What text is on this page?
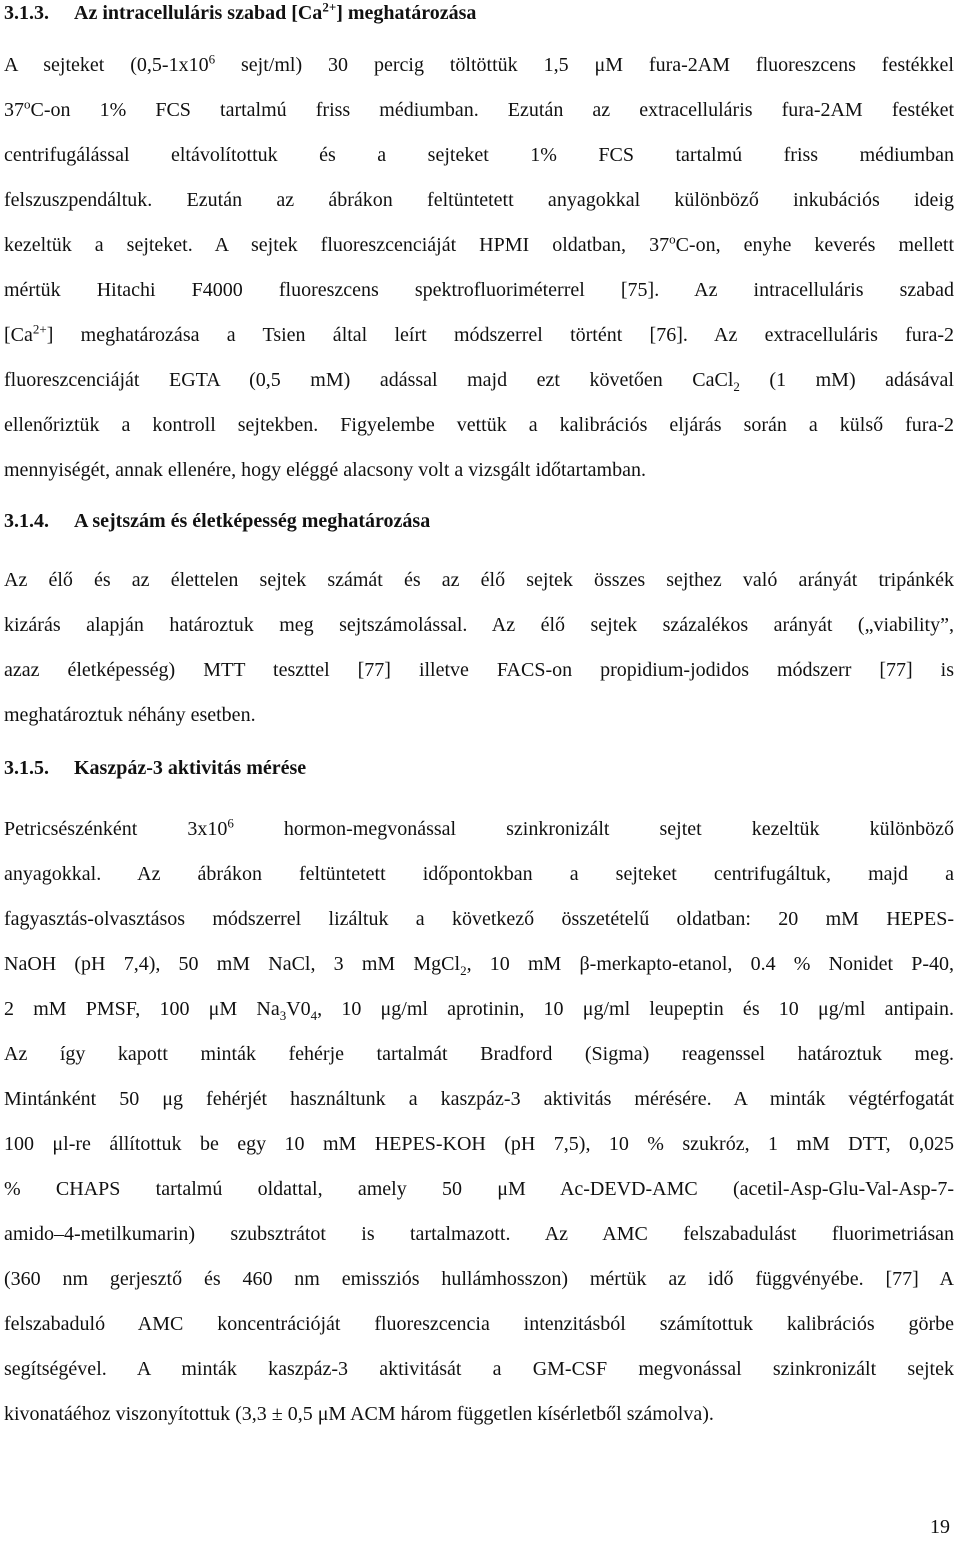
3.1.3. Az intracelluláris szabad $[Ca^{2+}]$ meghatározása
A sejteket ($0,5-1x10^6$ sejt/ml) 30 percig töltöttük 1,5 μM fura-2AM fluoreszcens festékkel
37$^o$C-on 1% FCS tartalmú friss médiumban. Ezután az extracelluláris fura-2AM festéket
centrifugálással eltávolítottuk és a sejteket 1% FCS tartalmú friss médiumban
felszuszpendáltuk. Ezután az ábrákon feltüntetett anyagokkal különböző inkubációs ideig
kezeltük a sejteket. A sejtek fluoreszcenciáját HPMI oldatban, 37$^o$C-on, enyhe keverés mellett
mértük Hitachi F4000 fluoreszcens spektrofluoriméterrel [75]. Az intracelluláris szabad
$[Ca^{2+}]$ meghatározása a Tsien által leírt módszerrel történt [76]. Az extracelluláris fura-2
fluoreszcenciáját EGTA (0,5 mM) adással majd ezt követően CaCl$_2$ (1 mM) adásával
ellenőriztük a kontroll sejtekben. Figyelembe vettük a kalibrációs eljárás során a külső fura-2
mennyiségét, annak ellenére, hogy eléggé alacsony volt a vizsgált időtartamban.
3.1.4. A sejtszám és életképesség meghatározása
Az élő és az élettelen sejtek számát és az élő sejtek összes sejthez való arányát tripánkék
kizárás alapján határoztuk meg sejtszámolással. Az élő sejtek százalékos arányát („viability”,
azaz életképesség) MTT teszttel [77] illetve FACS-on propidium-jodidos módszerr [77] is
meghatároztuk néhány esetben.
3.1.5. Kaszpáz-3 aktivitás mérése
Petricsészénként $3x10^6$ hormon-megvonással szinkronizált sejtet kezeltük különböző
anyagokkal. Az ábrákon feltüntetett időpontokban a sejteket centrifugáltuk, majd a
fagyasztás-olvasztásos módszerrel lizáltuk a következő összetételű oldatban: 20 mM HEPES-
NaOH (pH 7,4), 50 mM NaCl, 3 mM MgCl$_2$, 10 mM β-merkapto-etanol, 0.4 % Nonidet P-40,
2 mM PMSF, 100 μM $Na_3V0_4$, 10 μg/ml aprotinin, 10 μg/ml leupeptin és 10 μg/ml antipain.
Az így kapott minták fehérje tartalmát Bradford (Sigma) reagenssel határoztuk meg.
Mintánként 50 μg fehérjét használtunk a kaszpáz-3 aktivitás mérésére. A minták végtérfogatát
100 μl-re állítottuk be egy 10 mM HEPES-KOH (pH 7,5), 10 % szukróz, 1 mM DTT, 0,025
% CHAPS tartalmú oldattal, amely 50 μM Ac-DEVD-AMC (acetil-Asp-Glu-Val-Asp-7-
amido–4-metilkumarin) szubsztrátot is tartalmazott. Az AMC felszabadulást fluorimetriásan
(360 nm gerjesztő és 460 nm emissziós hullámhosszon) mértük az idő függvényébe. [77] A
felszabaduló AMC koncentrációját fluoreszcencia intenzitásból számítottuk kalibrációs görbe
segítségével. A minták kaszpáz-3 aktivitását a GM-CSF megvonással szinkronizált sejtek
kivonatáéhoz viszonyítottuk (3,3 ± 0,5 μM ACM három független kísérletből számolva).
19
